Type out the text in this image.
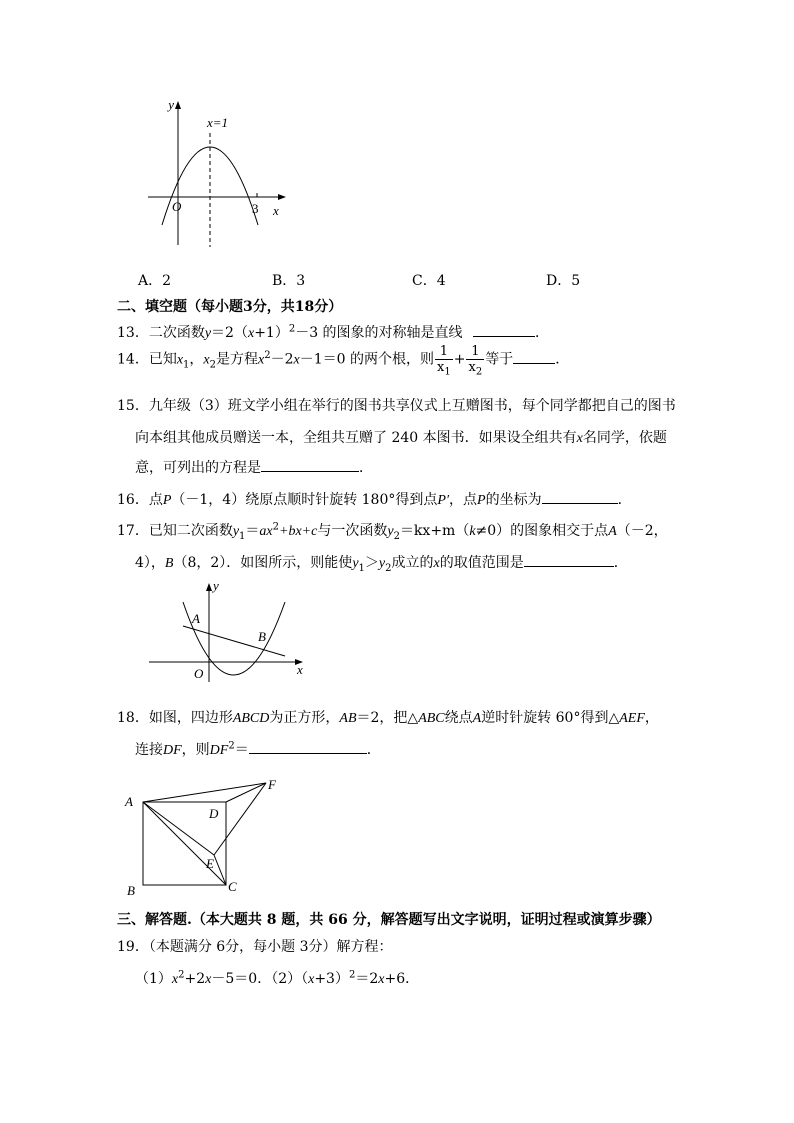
y
x=1
O	3 x
A．2	B．3	C．4	D．5
二、填空题（每小题3分，共18分）
13．二次函数$y=2(x+1)^2-3$ 的图象的对称轴是直线	．
14．已知$x_1$，$x_2$是方程$x^2-2x-1=0$ 的两个根，则 $\frac{1}{x_1} + \frac{1}{x_2}$ 等于	．
15．九年级（3）班文学小组在举行的图书共享仪式上互赠图书，每个同学都把自己的图书
向本组其他成员赠送一本，全组共互赠了 240 本图书．如果设全组共有x名同学，依题
意，可列出的方程是	．
16．点P（－1，4）绕原点顺时针旋转 180°得到点P′，点P的坐标为	．
17．已知二次函数$y_1=ax^2+bx+c$与一次函数$y_2=kx+m(k\ne 0)$的图象相交于点A（－2，
4），B（8，2）．如图所示，则能使$y_1>y_2$成立的x的取值范围是	．
y
A
B
O	x
18．如图，四边形ABCD为正方形，AB＝2，把△ABC绕点A逆时针旋转 60°得到△AEF，
连接DF，则$DF^2=$	．
A
B	C
D
E
F
三、解答题.（本大题共 8 题，共 66 分，解答题写出文字说明，证明过程或演算步骤）
19．（本题满分 6分，每小题 3分）解方程：
$(1)x^2+2x-5=0$．$(2)(x+3)^2=2x+6$．
